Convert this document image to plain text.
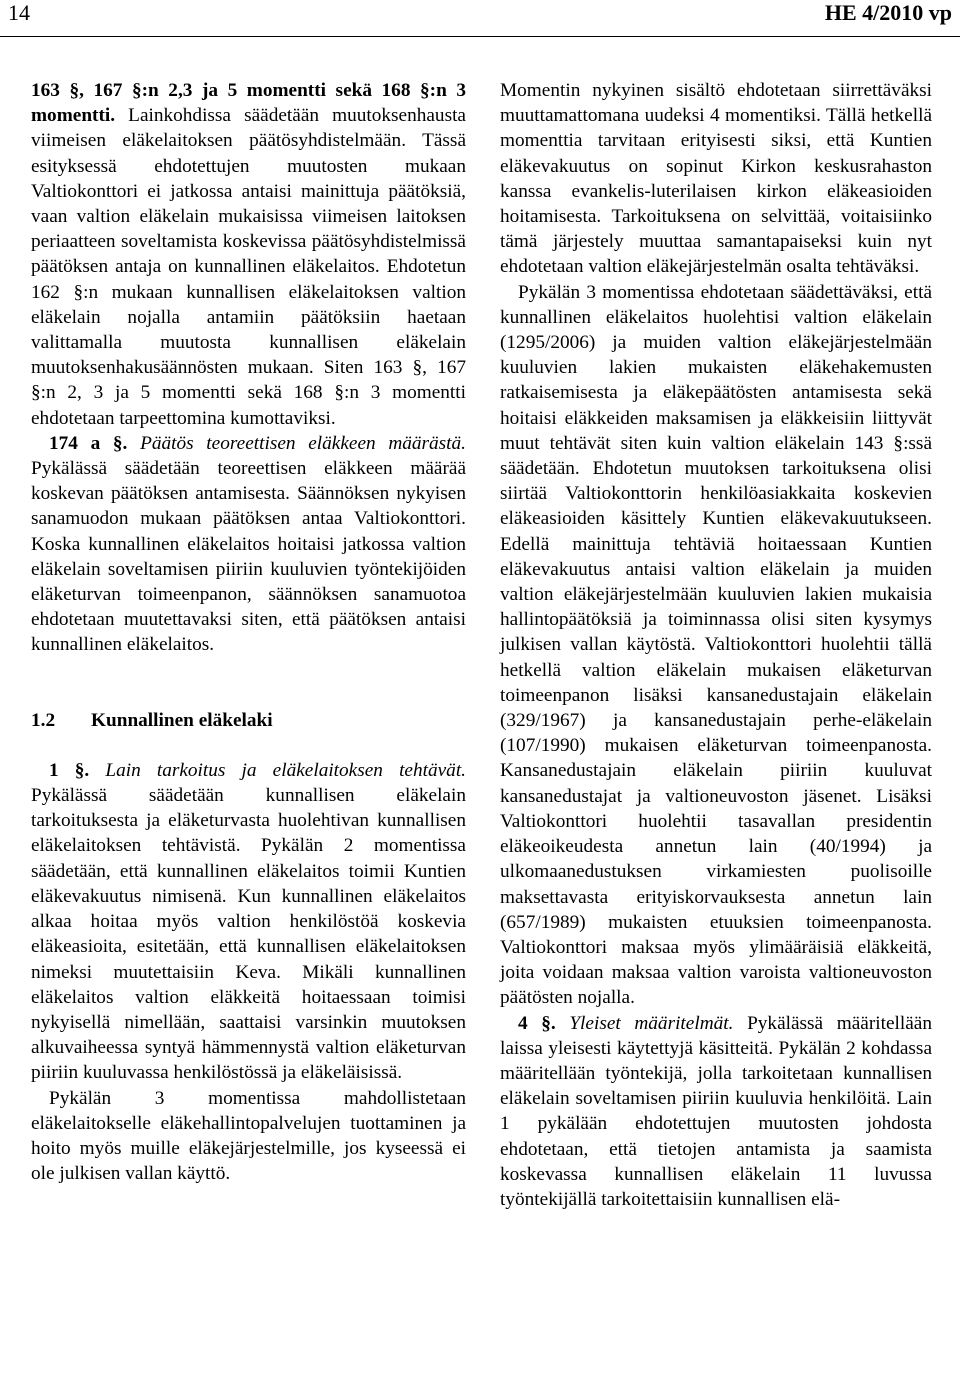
14	HE 4/2010 vp

163 §, 167 §:n 2,3 ja 5 momentti sekä 168 §:n 3 momentti. Lainkohdissa säädetään muutoksenhausta viimeisen eläkelaitoksen päätösyhdistelmään. Tässä esityksessä ehdotettujen muutosten mukaan Valtiokonttori ei jatkossa antaisi mainittuja päätöksiä, vaan valtion eläkelain mukaisissa viimeisen laitoksen periaatteen soveltamista koskevissa päätösyhdistelmissä päätöksen antaja on kunnallinen eläkelaitos. Ehdotetun 162 §:n mukaan kunnallisen eläkelaitoksen valtion eläkelain nojalla antamiin päätöksiin haetaan valittamalla muutosta kunnallisen eläkelain muutoksenhakusäännösten mukaan. Siten 163 §, 167 §:n 2, 3 ja 5 momentti sekä 168 §:n 3 momentti ehdotetaan tarpeettomina kumottaviksi.

174 a §. Päätös teoreettisen eläkkeen määrästä. Pykälässä säädetään teoreettisen eläkkeen määrää koskevan päätöksen antamisesta. Säännöksen nykyisen sanamuodon mukaan päätöksen antaa Valtiokonttori. Koska kunnallinen eläkelaitos hoitaisi jatkossa valtion eläkelain soveltamisen piiriin kuuluvien työntekijöiden eläketurvan toimeenpanon, säännöksen sanamuotoa ehdotetaan muutettavaksi siten, että päätöksen antaisi kunnallinen eläkelaitos.

1.2 Kunnallinen eläkelaki

1 §. Lain tarkoitus ja eläkelaitoksen tehtävät. Pykälässä säädetään kunnallisen eläkelain tarkoituksesta ja eläketurvasta huolehtivan kunnallisen eläkelaitoksen tehtävistä. Pykälän 2 momentissa säädetään, että kunnallinen eläkelaitos toimii Kuntien eläkevakuutus nimisenä. Kun kunnallinen eläkelaitos alkaa hoitaa myös valtion henkilöstöä koskevia eläkeasioita, esitetään, että kunnallisen eläkelaitoksen nimeksi muutettaisiin Keva. Mikäli kunnallinen eläkelaitos valtion eläkkeitä hoitaessaan toimisi nykyisellä nimellään, saattaisi varsinkin muutoksen alkuvaiheessa syntyä hämmennystä valtion eläketurvan piiriin kuuluvassa henkilöstössä ja eläkeläisissä.

Pykälän 3 momentissa mahdollistetaan eläkelaitokselle eläkehallintopalvelujen tuottaminen ja hoito myös muille eläkejärjestelmille, jos kyseessä ei ole julkisen vallan käyttö.

Momentin nykyinen sisältö ehdotetaan siirrettäväksi muuttamattomana uudeksi 4 momentiksi. Tällä hetkellä momenttia tarvitaan erityisesti siksi, että Kuntien eläkevakuutus on sopinut Kirkon keskusrahaston kanssa evankelis-luterilaisen kirkon eläkeasioiden hoitamisesta. Tarkoituksena on selvittää, voitaisiinko tämä järjestely muuttaa samantapaiseksi kuin nyt ehdotetaan valtion eläkejärjestelmän osalta tehtäväksi.

Pykälän 3 momentissa ehdotetaan säädettäväksi, että kunnallinen eläkelaitos huolehtisi valtion eläkelain (1295/2006) ja muiden valtion eläkejärjestelmään kuuluvien lakien mukaisten eläkehakemusten ratkaisemisesta ja eläkepäätösten antamisesta sekä hoitaisi eläkkeiden maksamisen ja eläkkeisiin liittyvät muut tehtävät siten kuin valtion eläkelain 143 §:ssä säädetään. Ehdotetun muutoksen tarkoituksena olisi siirtää Valtiokonttorin henkilöasiakkaita koskevien eläkeasioiden käsittely Kuntien eläkevakuutukseen. Edellä mainittuja tehtäviä hoitaessaan Kuntien eläkevakuutus antaisi valtion eläkelain ja muiden valtion eläkejärjestelmään kuuluvien lakien mukaisia hallintopäätöksiä ja toiminnassa olisi siten kysymys julkisen vallan käytöstä. Valtiokonttori huolehtii tällä hetkellä valtion eläkelain mukaisen eläketurvan toimeenpanon lisäksi kansanedustajain eläkelain (329/1967) ja kansanedustajain perhe-eläkelain (107/1990) mukaisen eläketurvan toimeenpanosta. Kansanedustajain eläkelain piiriin kuuluvat kansanedustajat ja valtioneuvoston jäsenet. Lisäksi Valtiokonttori huolehtii tasavallan presidentin eläkeoikeudesta annetun lain (40/1994) ja ulkomaanedustuksen virkamiesten puolisoille maksettavasta erityiskorvauksesta annetun lain (657/1989) mukaisten etuuksien toimeenpanosta. Valtiokonttori maksaa myös ylimääräisiä eläkkeitä, joita voidaan maksaa valtion varoista valtioneuvoston päätösten nojalla.

4 §. Yleiset määritelmät. Pykälässä määritellään laissa yleisesti käytettyjä käsitteitä. Pykälän 2 kohdassa määritellään työntekijä, jolla tarkoitetaan kunnallisen eläkelain soveltamisen piiriin kuuluvia henkilöitä. Lain 1 pykälään ehdotettujen muutosten johdosta ehdotetaan, että tietojen antamista ja saamista koskevassa kunnallisen eläkelain 11 luvussa työntekijällä tarkoitettaisiin kunnallisen elä-
